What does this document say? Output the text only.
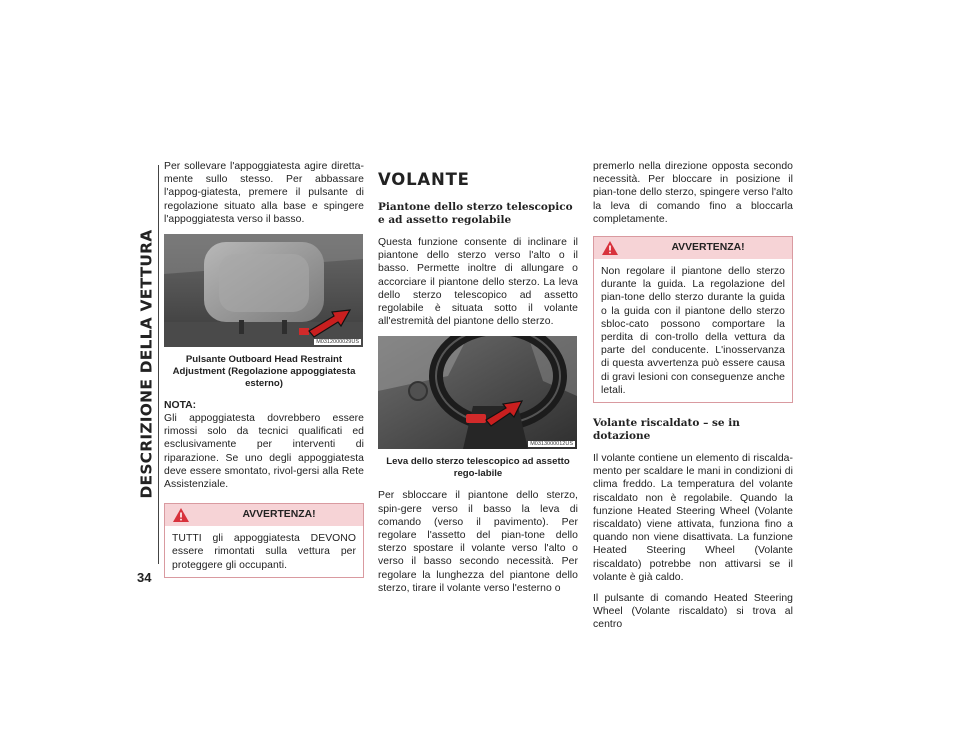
DESCRIZIONE DELLA VETTURA
34

Per sollevare l'appoggiatesta agire diretta-mente sullo stesso. Per abbassare l'appog-giatesta, premere il pulsante di regolazione situato alla base e spingere l'appoggiatesta verso il basso.

M0312000029US
Pulsante Outboard Head Restraint Adjustment (Regolazione appoggiatesta esterno)
NOTA:

Gli appoggiatesta dovrebbero essere rimossi solo da tecnici qualificati ed esclusivamente per interventi di riparazione. Se uno degli appoggiatesta deve essere smontato, rivol-gersi alla Rete Assistenziale.

AVVERTENZA!

TUTTI gli appoggiatesta DEVONO essere rimontati sulla vettura per proteggere gli occupanti.

VOLANTE
Piantone dello sterzo telescopico e ad assetto regolabile

Questa funzione consente di inclinare il piantone dello sterzo verso l'alto o il basso. Permette inoltre di allungare o accorciare il piantone dello sterzo. La leva dello sterzo telescopico ad assetto regolabile è situata sotto il volante all'estremità del piantone dello sterzo.

M0313000012US
Leva dello sterzo telescopico ad assetto rego-labile

Per sbloccare il piantone dello sterzo, spin-gere verso il basso la leva di comando (verso il pavimento). Per regolare l'assetto del pian-tone dello sterzo spostare il volante verso l'alto o verso il basso secondo necessità. Per regolare la lunghezza del piantone dello sterzo, tirare il volante verso l'esterno o

premerlo nella direzione opposta secondo necessità. Per bloccare in posizione il pian-tone dello sterzo, spingere verso l'alto la leva di comando fino a bloccarla completamente.

AVVERTENZA!

Non regolare il piantone dello sterzo durante la guida. La regolazione del pian-tone dello sterzo durante la guida o la guida con il piantone dello sterzo sbloc-cato possono comportare la perdita di con-trollo della vettura da parte del conducente. L'inosservanza di questa avvertenza può essere causa di gravi lesioni con conseguenze anche letali.

Volante riscaldato – se in dotazione

Il volante contiene un elemento di riscalda-mento per scaldare le mani in condizioni di clima freddo. La temperatura del volante riscaldato non è regolabile. Quando la funzione Heated Steering Wheel (Volante riscaldato) viene attivata, funziona fino a quando non viene disattivata. La funzione Heated Steering Wheel (Volante riscaldato) potrebbe non attivarsi se il volante è già caldo.

Il pulsante di comando Heated Steering Wheel (Volante riscaldato) si trova al centro
